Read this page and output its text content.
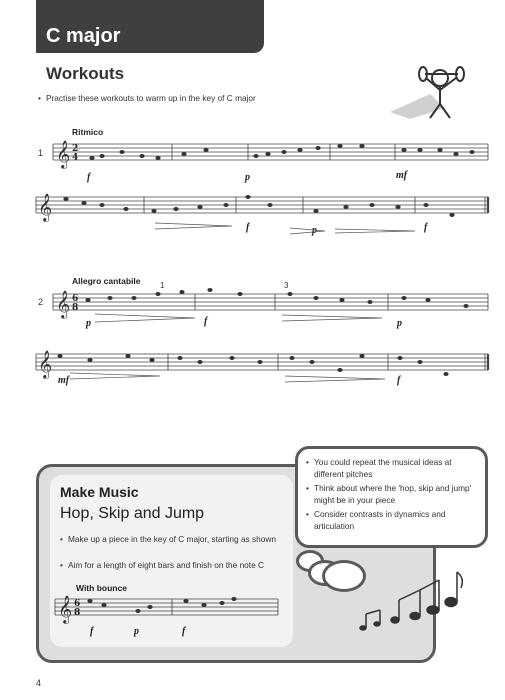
C major
Workouts
• Practise these workouts to warm up in the key of C major
Ritmico
1
Allegro cantabile
2
f	p	mf
f	p	f
p	f	p
mf	f
1	3
𝄞
𝄞
𝄞
𝄞
2
4
6
8
Make Music
Hop, Skip and Jump
• Make up a piece in the key of C major, starting as shown
• Aim for a length of eight bars and finish on the note C
With bounce
𝄞 6
8
f	p	f
• You could repeat the musical ideas at different pitches
• Think about where the 'hop, skip and jump' might be in your piece
• Consider contrasts in dynamics and articulation
4
